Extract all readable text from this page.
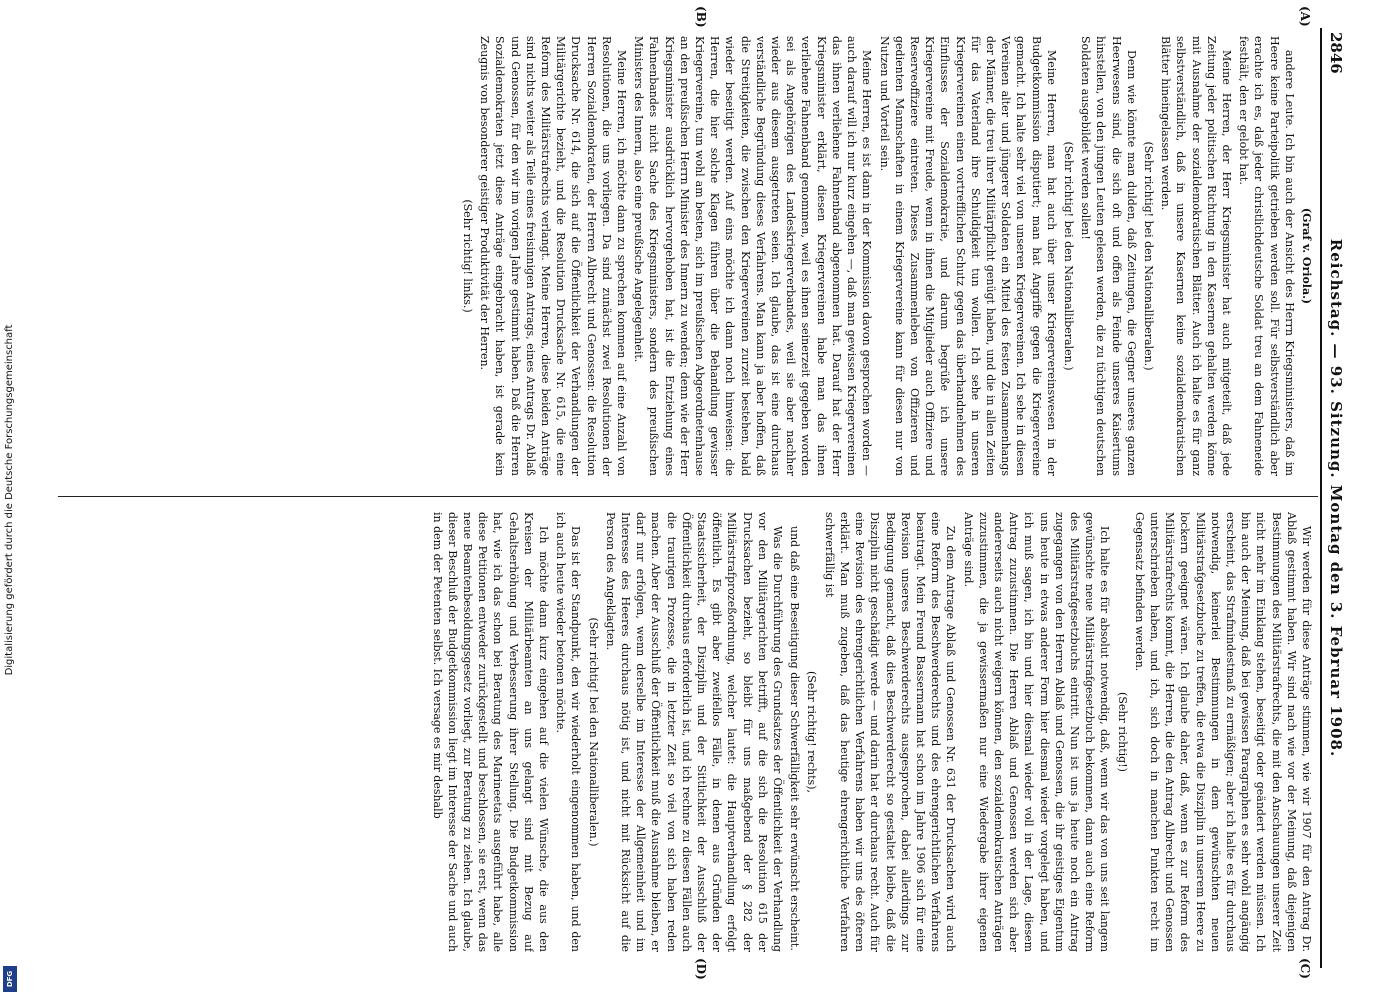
Digitalisierung gefördert durch die Deutsche Forschungsgemeinschaft
DFG
2846
Reichstag. — 93. Sitzung. Montag den 3. Februar 1908.
(A)
(B)
(C)
(D)

(Graf v. Oriola.)

andere Leute. Ich bin auch der Ansicht des Herrn Kriegsministers, daß im Heere keine Parteipolitik getrieben werden soll. Für selbstverständlich aber erachte ich es, daß jeder christlichdeutsche Soldat treu an dem Fahneneide festhält, den er gelobt hat.

Meine Herren, der Herr Kriegsminister hat auch mitgeteilt, daß jede Zeitung jeder politischen Richtung in den Kasernen gehalten werden könne mit Ausnahme der sozialdemokratischen Blätter. Auch ich halte es für ganz selbstverständlich, daß in unsere Kasernen keine sozialdemokratischen Blätter hineingelassen werden.

(Sehr richtig! bei den Nationalliberalen.)

Denn wie könnte man dulden, daß Zeitungen, die Gegner unseres ganzen Heerwesens sind, die sich oft und offen als Feinde unseres Kaisertums hinstellen, von den jungen Leuten gelesen werden, die zu tüchtigen deutschen Soldaten ausgebildet werden sollen!

(Sehr richtig! bei den Nationalliberalen.)

Meine Herren, man hat auch über unser Kriegervereinswesen in der Budgetkommission disputiert; man hat Angriffe gegen die Kriegervereine gemacht. Ich halte sehr viel von unseren Kriegervereinen. Ich sehe in diesen Vereinen alter und jüngerer Soldaten ein Mittel des festen Zusammenhangs der Männer, die treu ihrer Militärpflicht genügt haben, und die in allen Zeiten für das Vaterland ihre Schuldigkeit tun wollen. Ich sehe in unseren Kriegervereinen einen vortrefflichen Schutz gegen das überhandnehmen des Einflusses der Sozialdemokratie, und darum begrüße ich unsere Kriegervereine mit Freude, wenn in ihnen die Mitglieder auch Offiziere und Reserveoffiziere eintreten. Dieses Zusammenleben von Offizieren und gedienten Mannschaften in einem Kriegervereine kann für diesen nur von Nutzen und Vorteil sein.

Meine Herren, es ist dann in der Kommission davon gesprochen worden — auch darauf will ich nur kurz eingehen —, daß man gewissen Kriegervereinen das ihnen verliehene Fahnenband abgenommen hat. Darauf hat der Herr Kriegsminister erklärt, diesen Kriegervereinen habe man das ihnen verliehene Fahnenband genommen, weil es ihnen seinerzeit gegeben worden sei als Angehörigen des Landeskriegerverbandes, weil sie aber nachher wieder aus diesem ausgetreten seien. Ich glaube, das ist eine durchaus verständliche Begründung dieses Verfahrens. Man kann ja aber hoffen, daß die Streitigkeiten, die zwischen den Kriegervereinen zurzeit bestehen, bald wieder beseitigt werden. Auf eins möchte ich dann noch hinweisen: die Herren, die hier solche Klagen führen über die Behandlung gewisser Kriegervereine, tun wohl am besten, sich im preußischen Abgeordnetenhause an den preußischen Herrn Minister des Innern zu wenden; denn wie der Herr Kriegsminister ausdrücklich hervorgehoben hat, ist die Entziehung eines Fahnenbandes nicht Sache des Kriegsministers, sondern des preußischen Ministers des Innern, also eine preußische Angelegenheit.

Meine Herren, ich möchte dann zu sprechen kommen auf eine Anzahl von Resolutionen, die uns vorliegen. Da sind zunächst zwei Resolutionen der Herren Sozialdemokraten, der Herren Albrecht und Genossen: die Resolution Drucksache Nr. 614, die sich auf die Öffentlichkeit der Verhandlungen der Militärgerichte bezieht, und die Resolution Drucksache Nr. 615, die eine Reform des Militärstrafrechts verlangt. Meine Herren, diese beiden Anträge sind nichts weiter als Teile eines freisinnigen Antrags, eines Antrags Dr. Ablaß und Genossen, für den wir im vorigen Jahre gestimmt haben. Daß die Herren Sozialdemokraten jetzt diese Anträge eingebracht haben, ist gerade kein Zeugnis von besonderer geistiger Produktivität der Herren.

(Sehr richtig! links.)

Wir werden für diese Anträge stimmen, wie wir 1907 für den Antrag Dr. Ablaß gestimmt haben. Wir sind nach wie vor der Meinung, daß diejenigen Bestimmungen des Militärstrafrechts, die mit den Anschauungen unserer Zeit nicht mehr im Einklang stehen, beseitigt oder geändert werden müssen. Ich bin auch der Meinung, daß bei gewissen Paragraphen es sehr wohl angängig erscheint, das Strafmindestmaß zu ermäßigen; aber ich halte es für durchaus notwendig, keinerlei Bestimmungen in dem gewünschten neuen Militärstrafgesetzbuche zu treffen, die etwa die Disziplin in unserem Heere zu lockern geeignet wären. Ich glaube daher, daß, wenn es zur Reform des Militärstrafrechts kommt, die Herren, die den Antrag Albrecht und Genossen unterschrieben haben, und ich, sich doch in manchen Punkten recht im Gegensatz befinden werden.

(Sehr richtig!)

Ich halte es für absolut notwendig, daß, wenn wir das von uns seit langem gewünschte neue Militärstrafgesetzbuch bekommen, dann auch eine Reform des Militärstrafgesetzbuchs eintritt. Nun ist uns ja heute noch ein Antrag zugegangen von den Herren Ablaß und Genossen, die ihr geistiges Eigentum uns heute in etwas anderer Form hier diesmal wieder vorgelegt haben, und ich muß sagen, ich bin und hier diesmal wieder voll in der Lage, diesem Antrag zuzustimmen. Die Herren Ablaß und Genossen werden sich aber andererseits auch nicht weigern können, den sozialdemokratischen Anträgen zuzustimmen, die ja gewissermaßen nur eine Wiedergabe ihrer eigenen Anträge sind.

Zu dem Antrage Ablaß und Genossen Nr. 631 der Drucksachen wird auch eine Reform des Beschwerderechts und des ehrengerichtlichen Verfahrens beantragt. Mein Freund Bassermann hat schon im Jahre 1906 sich für eine Revision unseres Beschwerderechts ausgesprochen, dabei allerdings zur Bedingung gemacht, daß dies Beschwerderecht so gestaltet bleibe, daß die Disziplin nicht geschädigt werde — und darin hat er durchaus recht. Auch für eine Revision des ehrengerichtlichen Verfahrens haben wir uns des öfteren erklärt. Man muß zugeben, daß das heutige ehrengerichtliche Verfahren schwerfällig ist

(Sehr richtig! rechts),

und daß eine Beseitigung dieser Schwerfälligkeit sehr erwünscht erscheint.

Was die Durchführung des Grundsatzes der Öffentlichkeit der Verhandlung vor den Militärgerichten betrifft, auf die sich die Resolution 615 der Drucksachen bezieht, so bleibt für uns maßgebend der § 282 der Militärstrafprozeßordnung, welcher lautet: die Hauptverhandlung erfolgt öffentlich. Es gibt aber zweifellos Fälle, in denen aus Gründen der Staatssicherheit, der Disziplin und der Sittlichkeit der Ausschluß der Öffentlichkeit durchaus erforderlich ist, und ich rechne zu diesen Fällen auch die traurigen Prozesse, die in letzter Zeit so viel von sich haben reden machen. Aber der Ausschluß der Öffentlichkeit muß die Ausnahme bleiben, er darf nur erfolgen, wenn derselbe im Interesse der Allgemeinheit und im Interesse des Heeres durchaus nötig ist, und nicht mit Rücksicht auf die Person des Angeklagten.

(Sehr richtig! bei den Nationalliberalen.)

Das ist der Standpunkt, den wir wiederholt eingenommen haben, und den ich auch heute wieder betonen möchte.

Ich möchte dann kurz eingehen auf die vielen Wünsche, die aus den Kreisen der Militärbeamten an uns gelangt sind mit Bezug auf Gehaltserhöhung und Verbesserung ihrer Stellung. Die Budgetkommission hat, wie ich das schon bei Beratung des Marineetats ausgeführt habe, alle diese Petitionen entweder zurückgestellt und beschlossen, sie erst, wenn das neue Beamtenbesoldungsgesetz vorliegt, zur Beratung zu ziehen. Ich glaube, dieser Beschluß der Budgetkommission liegt im Interesse der Sache und auch in dem der Petenten selbst. Ich versage es mir deshalb
